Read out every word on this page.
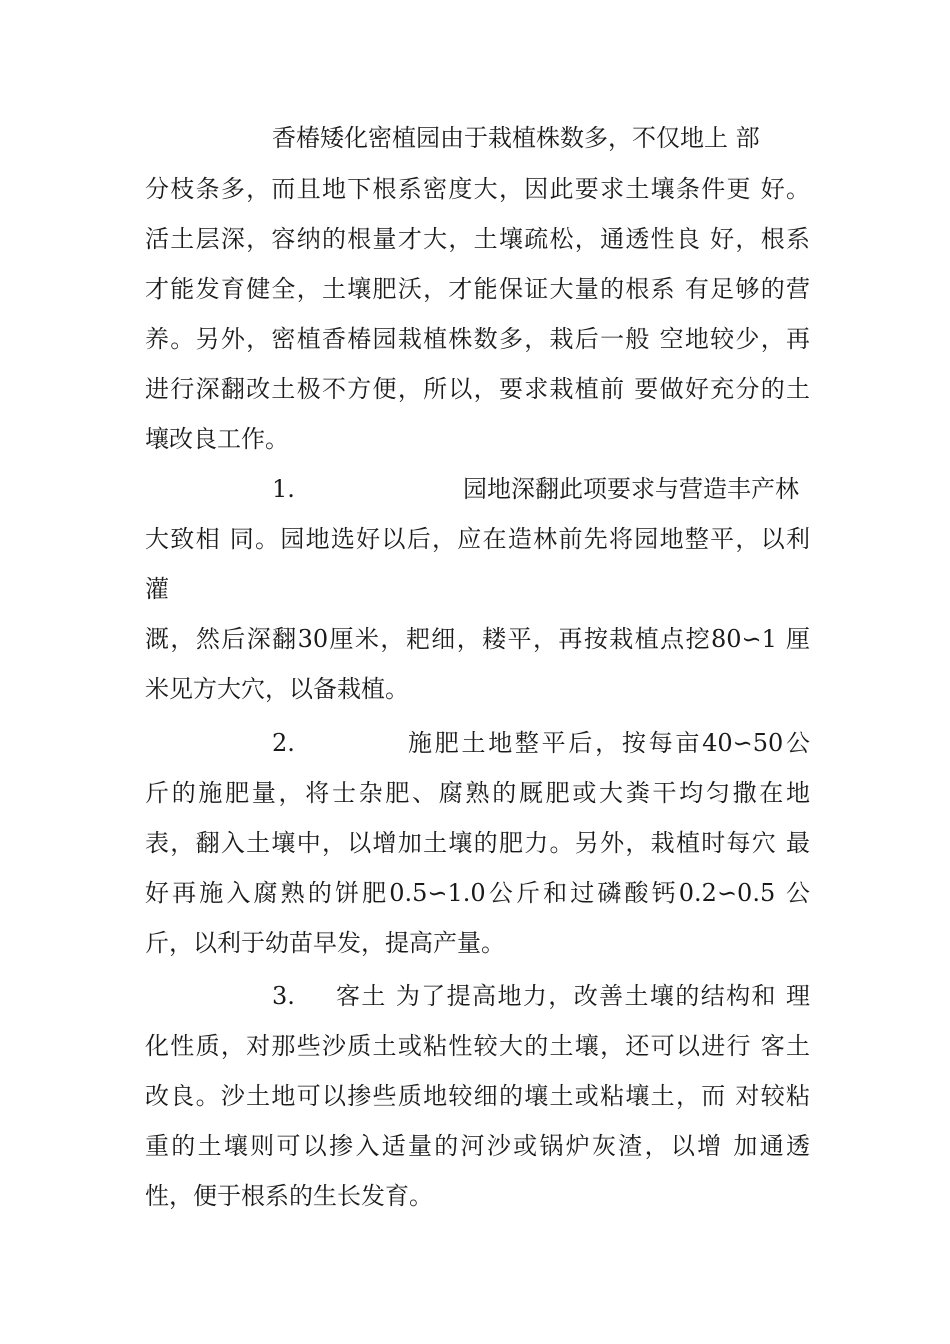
香椿矮化密植园由于栽植株数多，不仅地上 部
分枝条多，而且地下根系密度大，因此要求土壤条件更 好。
活土层深，容纳的根量才大，土壤疏松，通透性良 好，根系
才能发育健全，土壤肥沃，才能保证大量的根系 有足够的营
养。另外，密植香椿园栽植株数多，栽后一般 空地较少，再
进行深翻改土极不方便，所以，要求栽植前 要做好充分的土
壤改良工作。
1.	园地深翻此项要求与营造丰产林
大致相 同。园地选好以后，应在造林前先将园地整平，以利
灌
溉，然后深翻30厘米，耙细，耧平，再按栽植点挖80∽1 厘
米见方大穴，以备栽植。
2.	施肥土地整平后，按每亩40∽50公
斤的施肥量，将士杂肥、腐熟的厩肥或大粪干均匀撒在地
表，翻入土壤中，以增加土壤的肥力。另外，栽植时每穴 最
好再施入腐熟的饼肥0.5∽1.0公斤和过磷酸钙0.2∽0.5 公
斤，以利于幼苗早发，提高产量。
3.	客土 为了提高地力，改善土壤的结构和 理
化性质，对那些沙质土或粘性较大的土壤，还可以进行 客土
改良。沙土地可以掺些质地较细的壤土或粘壤土，而 对较粘
重的土壤则可以掺入适量的河沙或锅炉灰渣，以增 加通透
性，便于根系的生长发育。
